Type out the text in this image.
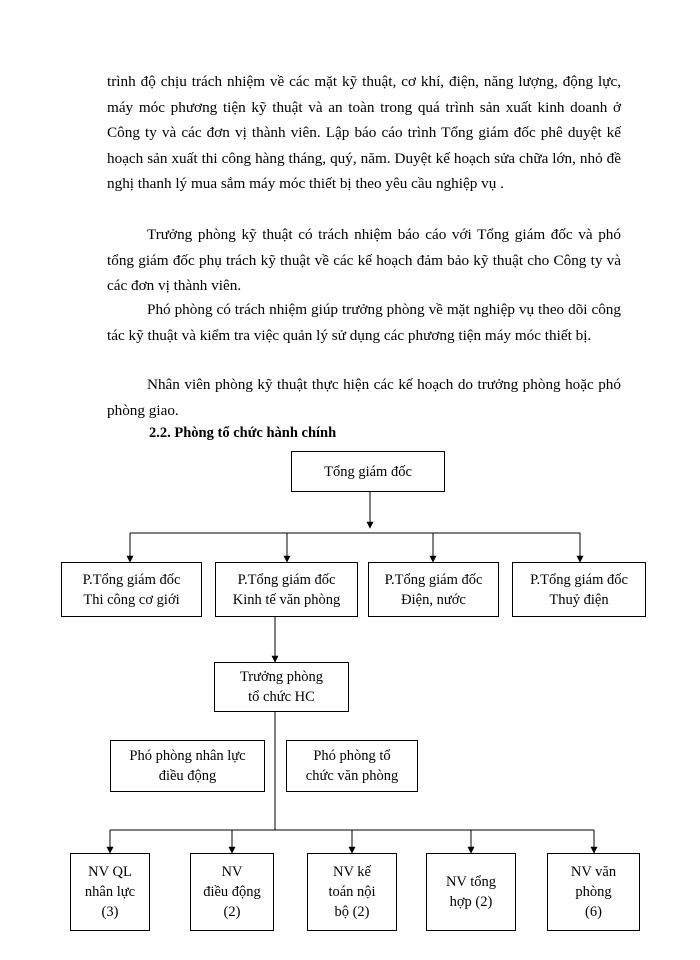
trình độ chịu trách nhiệm về các mặt kỹ thuật, cơ khí, điện, năng lượng, động lực, máy móc phương tiện kỹ thuật và an toàn trong quá trình sản xuất kinh doanh ở Công ty và các đơn vị thành viên. Lập báo cáo trình Tổng giám đốc phê duyệt kế hoạch sản xuất thi công hàng tháng, quý, năm. Duyệt kế hoạch sửa chữa lớn, nhỏ đề nghị thanh lý mua sắm máy móc thiết bị theo yêu cầu nghiệp vụ .

Trưởng phòng kỹ thuật có trách nhiệm báo cáo với Tổng giám đốc và phó tổng giám đốc phụ trách kỹ thuật về các kế hoạch đảm bảo kỹ thuật cho Công ty và các đơn vị thành viên.

Phó phòng có trách nhiệm giúp trưởng phòng về mặt nghiệp vụ theo dõi công tác kỹ thuật và kiểm tra việc quản lý sử dụng các phương tiện máy móc thiết bị.

Nhân viên phòng kỹ thuật thực hiện các kế hoạch do trưởng phòng hoặc phó phòng giao.

2.2. Phòng tổ chức hành chính

Tổng giám đốc
P.Tổng giám đốc
Thi công cơ giới
P.Tổng giám đốc
Kinh tế văn phòng
P.Tổng giám đốc
Điện, nước
P.Tổng giám đốc
Thuỷ điện
Trưởng phòng
tổ chức HC
Phó phòng nhân lực
điều động
Phó phòng tổ
chức văn phòng
NV QL
nhân lực
(3)
NV
điều động
(2)
NV kế
toán nội
bộ (2)
NV tổng
hợp (2)
NV văn
phòng
(6)
